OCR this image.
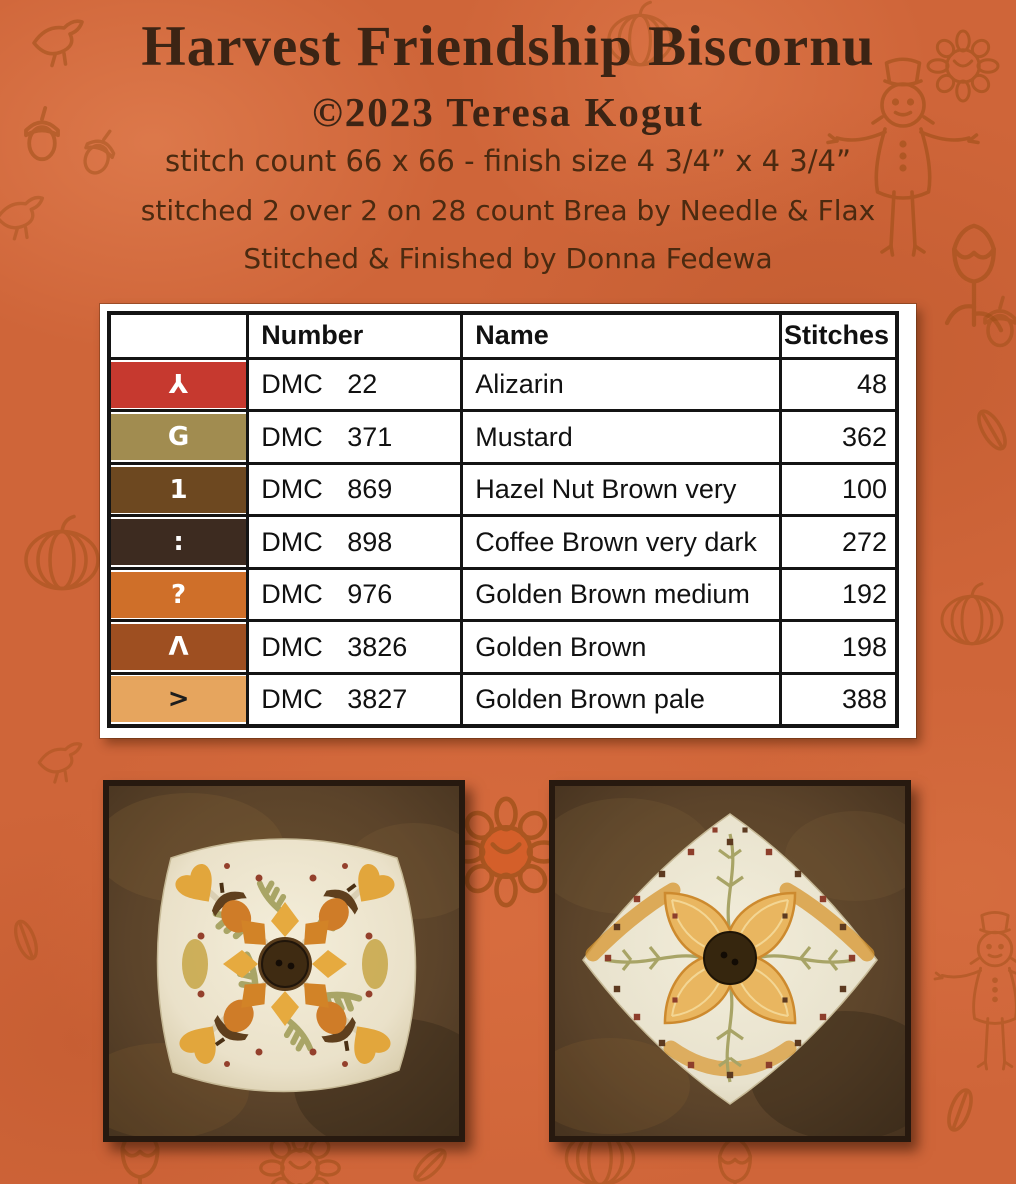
Harvest Friendship Biscornu
©2023 Teresa Kogut
stitch count 66 x 66 - finish size 4 3/4” x 4 3/4”
stitched 2 over 2 on 28 count Brea by Needle & Flax
Stitched & Finished by Donna Fedewa
	Number	Name	Stitches

⅄	DMC 22	Alizarin	48

G	DMC 371	Mustard	362

1	DMC 869	Hazel Nut Brown very	100

:	DMC 898	Coffee Brown very dark	272

?	DMC 976	Golden Brown medium	192

Λ	DMC 3826	Golden Brown	198

>	DMC 3827	Golden Brown pale	388
